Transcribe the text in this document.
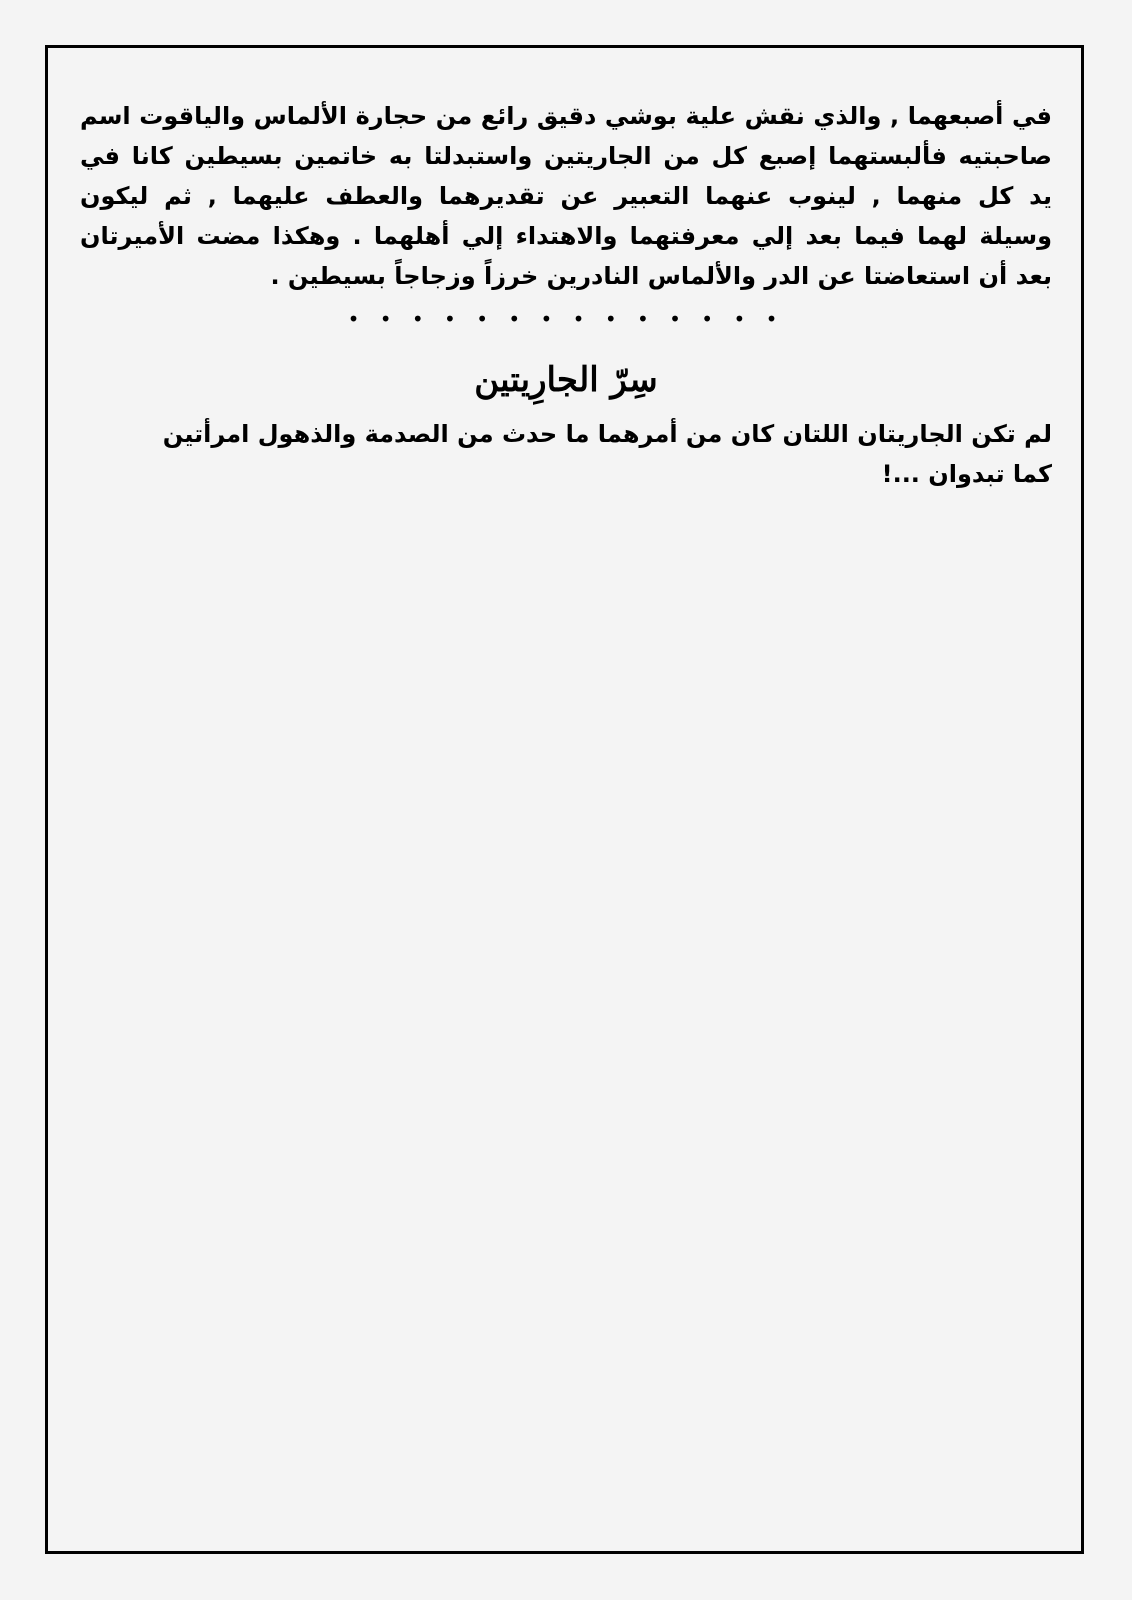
في أصبعهما , والذي نقش علية بوشي دقيق رائع من حجارة الألماس والياقوت اسم
صاحبتيه فألبستهما إصبع كل من الجاريتين واستبدلتا به خاتمين بسيطين كانا في
يد كل منهما , لينوب عنهما التعبير عن تقديرهما والعطف عليهما , ثم ليكون
وسيلة لهما فيما بعد إلي معرفتهما والاهتداء إلي أهلهما . وهكذا مضت الأميرتان
بعد أن استعاضتا عن الدر والألماس النادرين خرزاً وزجاجاً بسيطين .
• • • • • • • • • • • • • •
سِرّ الجارِيتين
لم تكن الجاريتان اللتان كان من أمرهما ما حدث من الصدمة والذهول امرأتين
كما تبدوان ...!
